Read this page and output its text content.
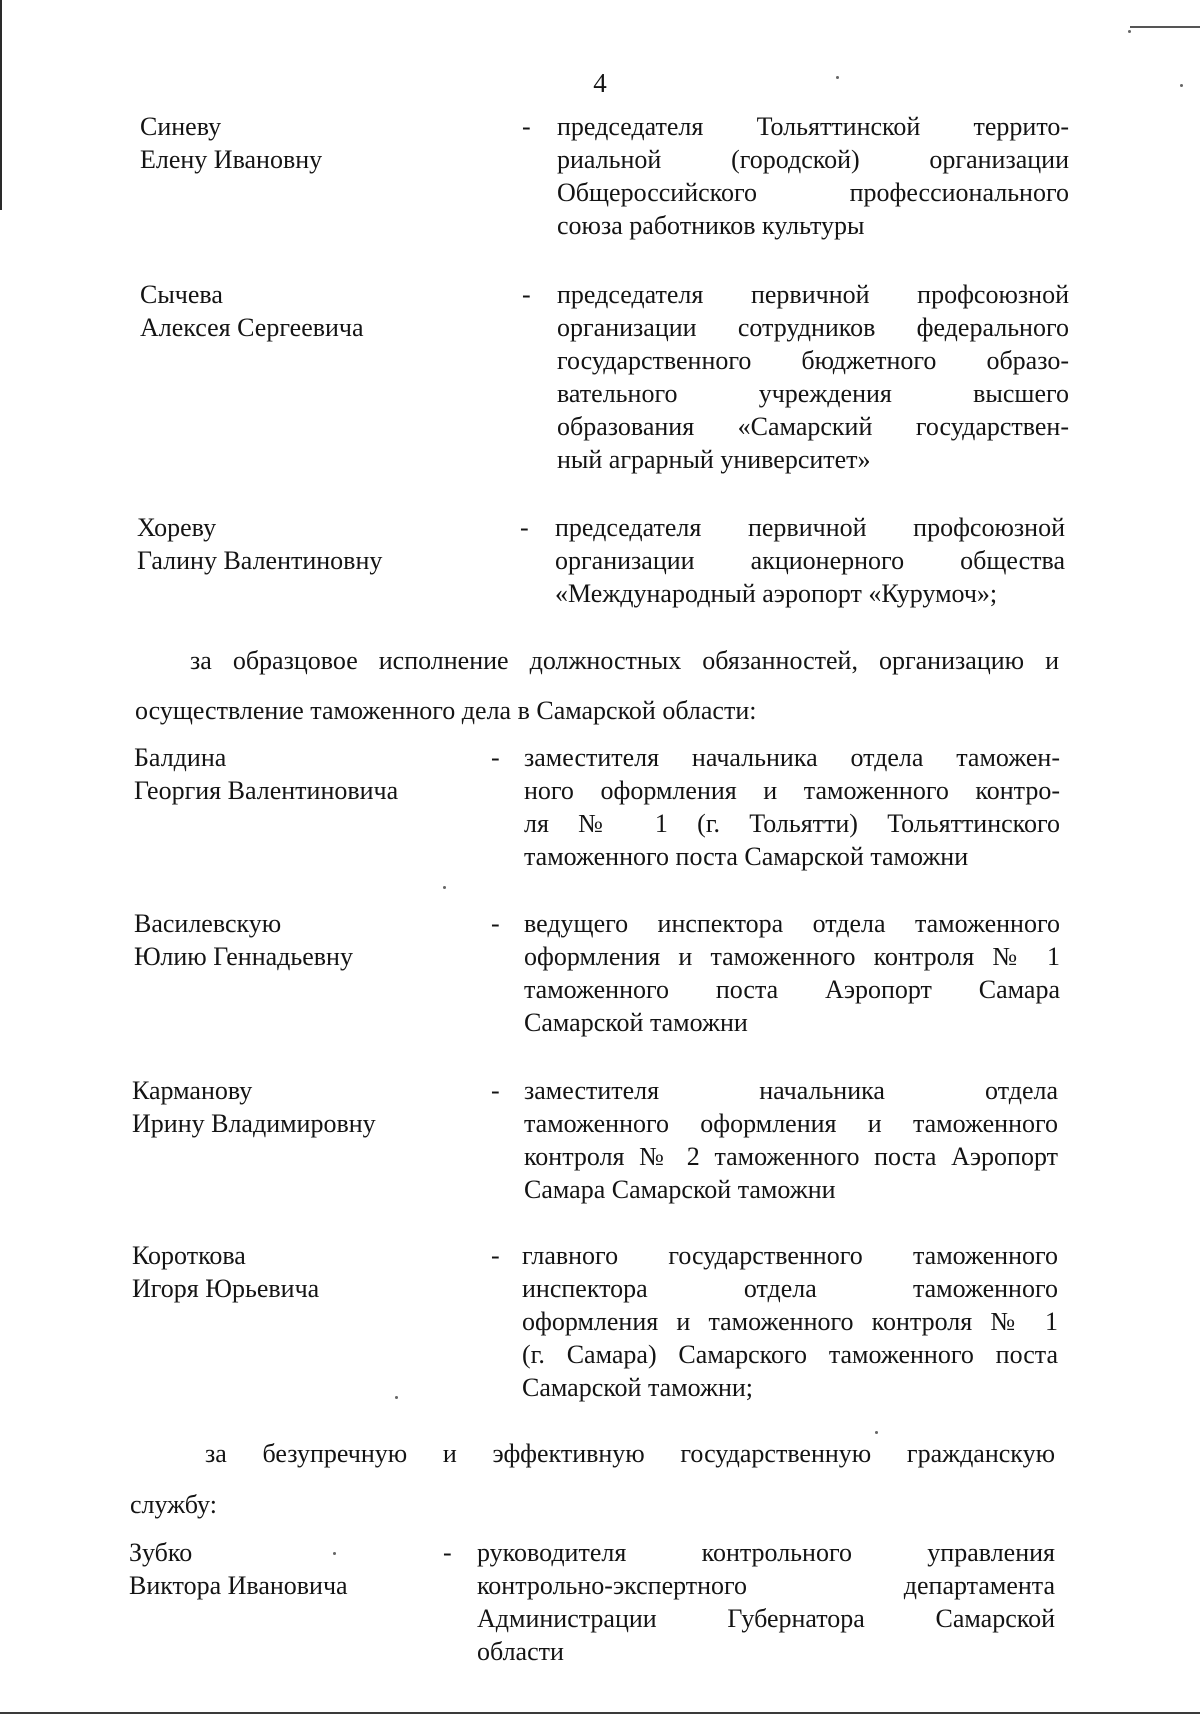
4
Синеву
Елену Ивановну
- председателя Тольяттинской террито-
риальной (городской) организации
Общероссийского профессионального
союза работников культуры
Сычева
Алексея Сергеевича
- председателя первичной профсоюзной
организации сотрудников федерального
государственного бюджетного образо-
вательного учреждения высшего
образования «Самарский государствен-
ный аграрный университет»
Хореву
Галину Валентиновну
- председателя первичной профсоюзной
организации акционерного общества
«Международный аэропорт «Курумоч»;
за образцовое исполнение должностных обязанностей, организацию и
осуществление таможенного дела в Самарской области:
Балдина
Георгия Валентиновича
- заместителя начальника отдела таможен-
ного оформления и таможенного контро-
ля № 1 (г. Тольятти) Тольяттинского
таможенного поста Самарской таможни
Василевскую
Юлию Геннадьевну
- ведущего инспектора отдела таможенного
оформления и таможенного контроля № 1
таможенного поста Аэропорт Самара
Самарской таможни
Карманову
Ирину Владимировну
- заместителя начальника отдела
таможенного оформления и таможенного
контроля № 2 таможенного поста Аэропорт
Самара Самарской таможни
Короткова
Игоря Юрьевича
- главного государственного таможенного
инспектора отдела таможенного
оформления и таможенного контроля № 1
(г. Самара) Самарского таможенного поста
Самарской таможни;
за безупречную и эффективную государственную гражданскую
службу:
Зубко
Виктора Ивановича
- руководителя контрольного управления
контрольно-экспертного департамента
Администрации Губернатора Самарской
области
